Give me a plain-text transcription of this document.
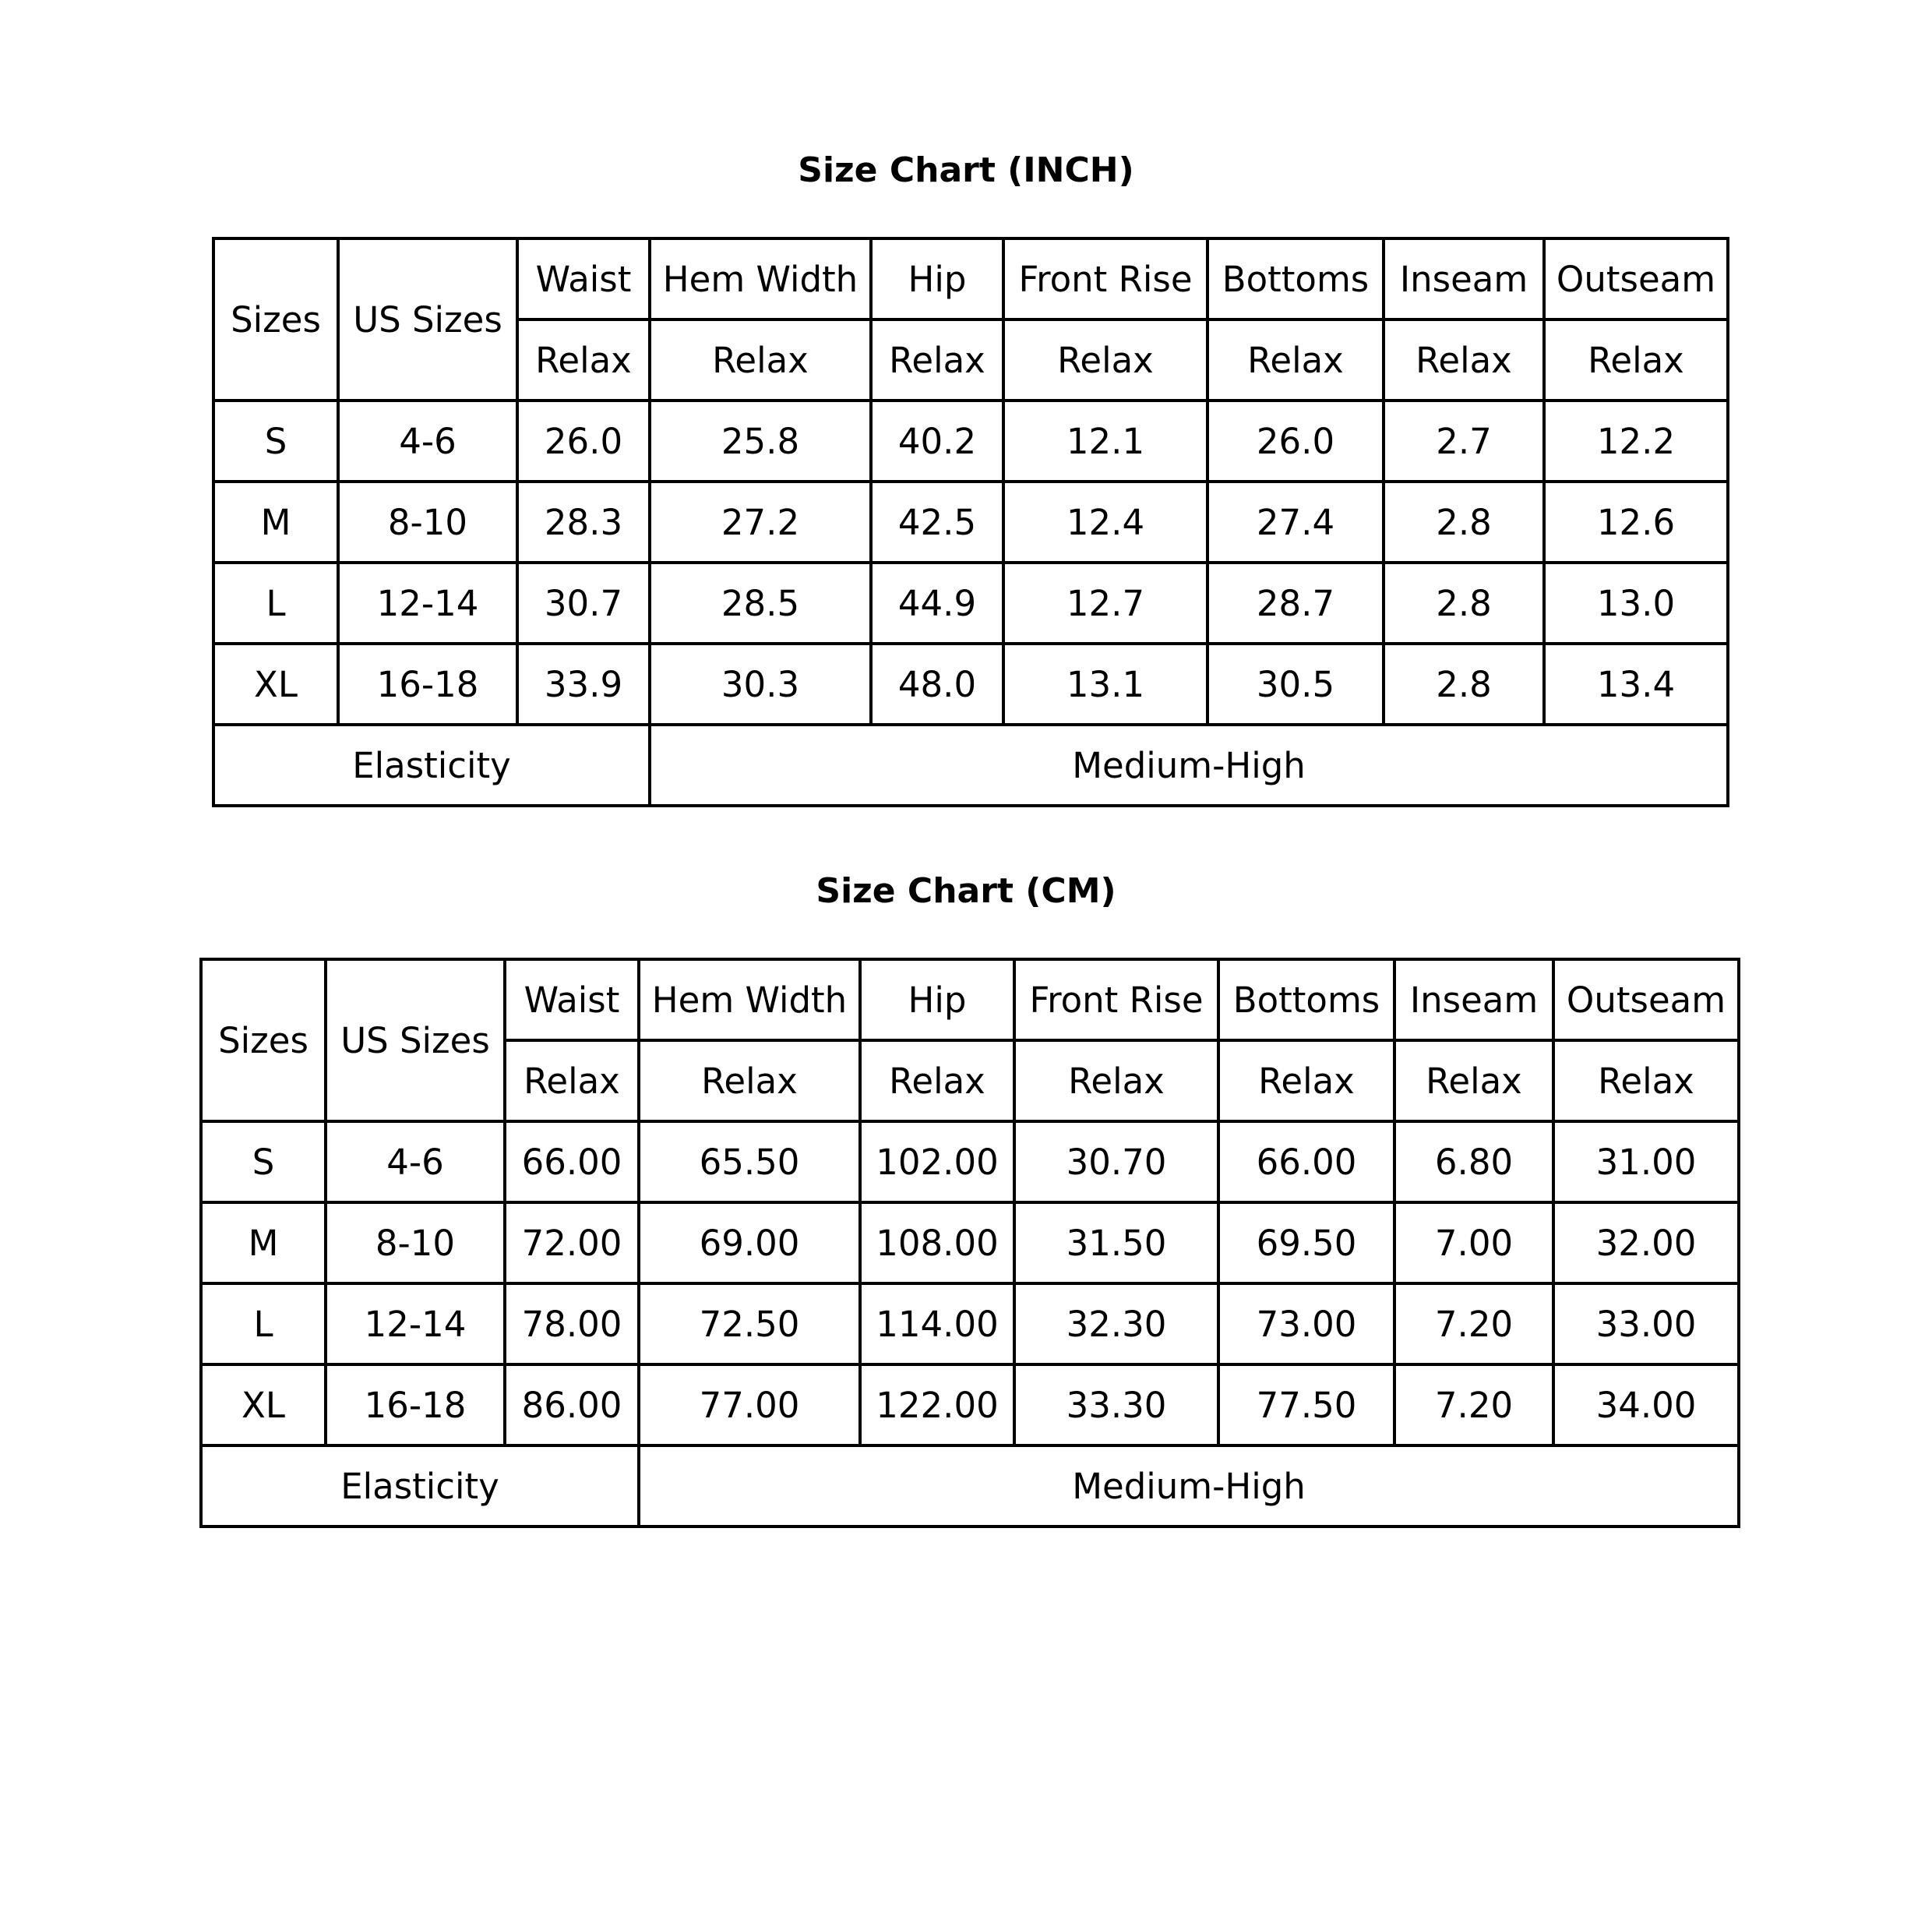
Size Chart (INCH)
Sizes	US Sizes	Waist	Hem Width	Hip	Front Rise	Bottoms	Inseam	Outseam
		Relax	Relax	Relax	Relax	Relax	Relax	Relax
S	4-6	26.0	25.8	40.2	12.1	26.0	2.7	12.2
M	8-10	28.3	27.2	42.5	12.4	27.4	2.8	12.6
L	12-14	30.7	28.5	44.9	12.7	28.7	2.8	13.0
XL	16-18	33.9	30.3	48.0	13.1	30.5	2.8	13.4
Elasticity			Medium-High					
Size Chart (CM)
Sizes	US Sizes	Waist	Hem Width	Hip	Front Rise	Bottoms	Inseam	Outseam
		Relax	Relax	Relax	Relax	Relax	Relax	Relax
S	4-6	66.00	65.50	102.00	30.70	66.00	6.80	31.00
M	8-10	72.00	69.00	108.00	31.50	69.50	7.00	32.00
L	12-14	78.00	72.50	114.00	32.30	73.00	7.20	33.00
XL	16-18	86.00	77.00	122.00	33.30	77.50	7.20	34.00
Elasticity			Medium-High					
